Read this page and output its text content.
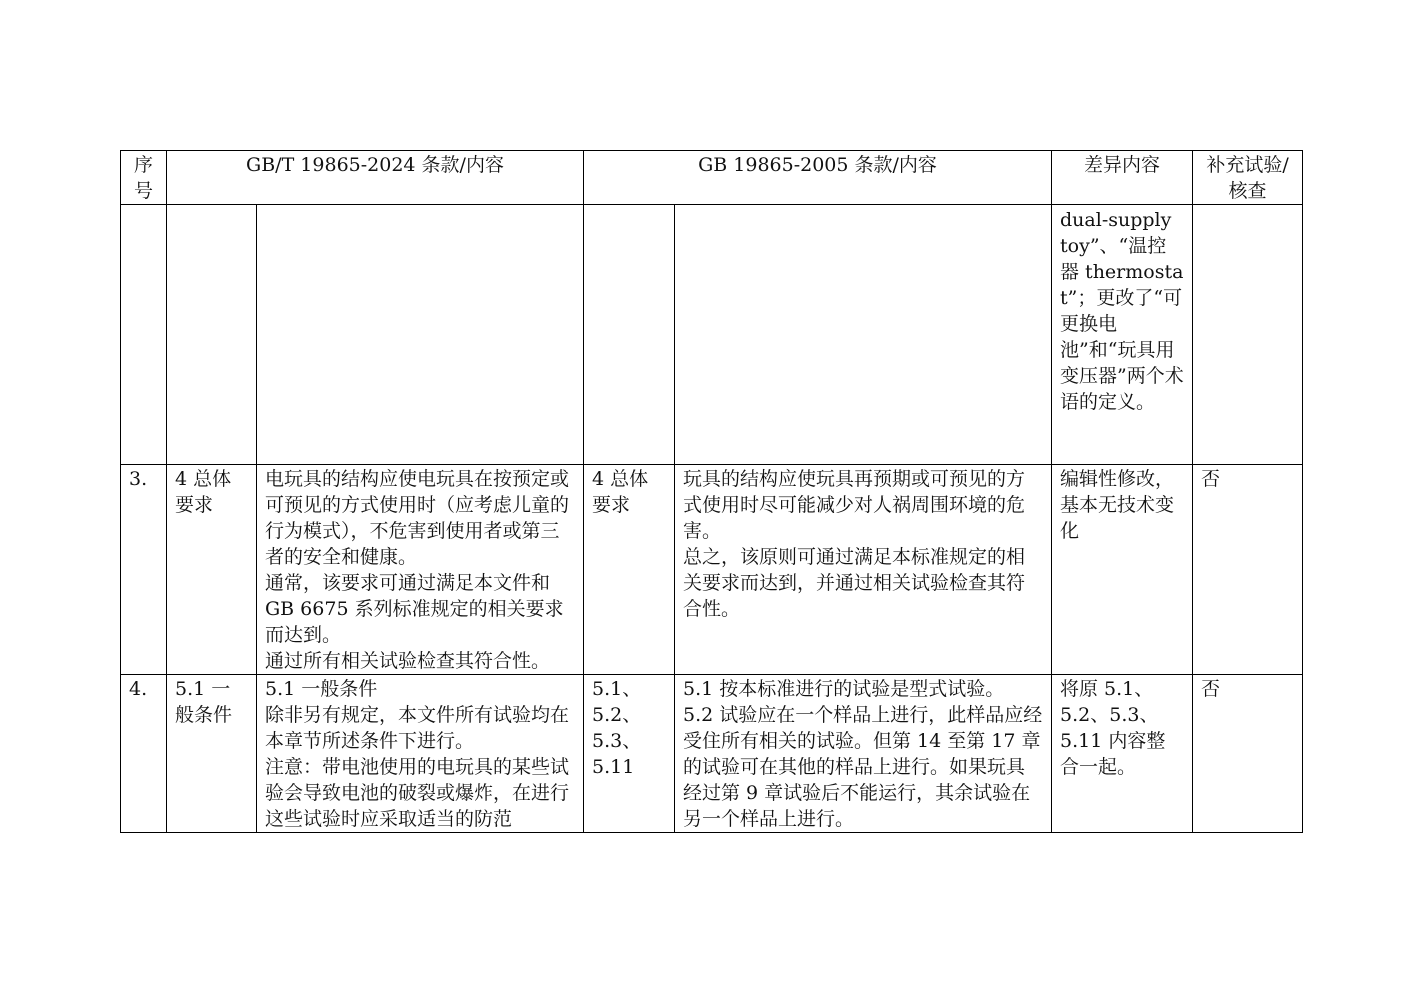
序
号	GB/T 19865-2024 条款/内容		GB 19865-2005 条款/内容		差异内容	补充试验/
核查
					dual-supply toy”、“温控器 thermostat”；更改了“可更换电池”和“玩具用变压器”两个术语的定义。	
3.	4 总体要求	电玩具的结构应使电玩具在按预定或可预见的方式使用时（应考虑儿童的行为模式），不危害到使用者或第三者的安全和健康。
通常，该要求可通过满足本文件和 GB 6675 系列标准规定的相关要求而达到。
通过所有相关试验检查其符合性。	4 总体要求	玩具的结构应使玩具再预期或可预见的方式使用时尽可能减少对人祸周围环境的危害。
总之，该原则可通过满足本标准规定的相关要求而达到，并通过相关试验检查其符合性。	编辑性修改，基本无技术变化	否
4.	5.1 一般条件	5.1 一般条件
除非另有规定，本文件所有试验均在本章节所述条件下进行。
注意：带电池使用的电玩具的某些试验会导致电池的破裂或爆炸，在进行这些试验时应采取适当的防范	5.1、
5.2、
5.3、
5.11	5.1 按本标准进行的试验是型式试验。
5.2 试验应在一个样品上进行，此样品应经受住所有相关的试验。但第 14 至第 17 章的试验可在其他的样品上进行。如果玩具经过第 9 章试验后不能运行，其余试验在另一个样品上进行。	将原 5.1、5.2、5.3、5.11 内容整合一起。	否
